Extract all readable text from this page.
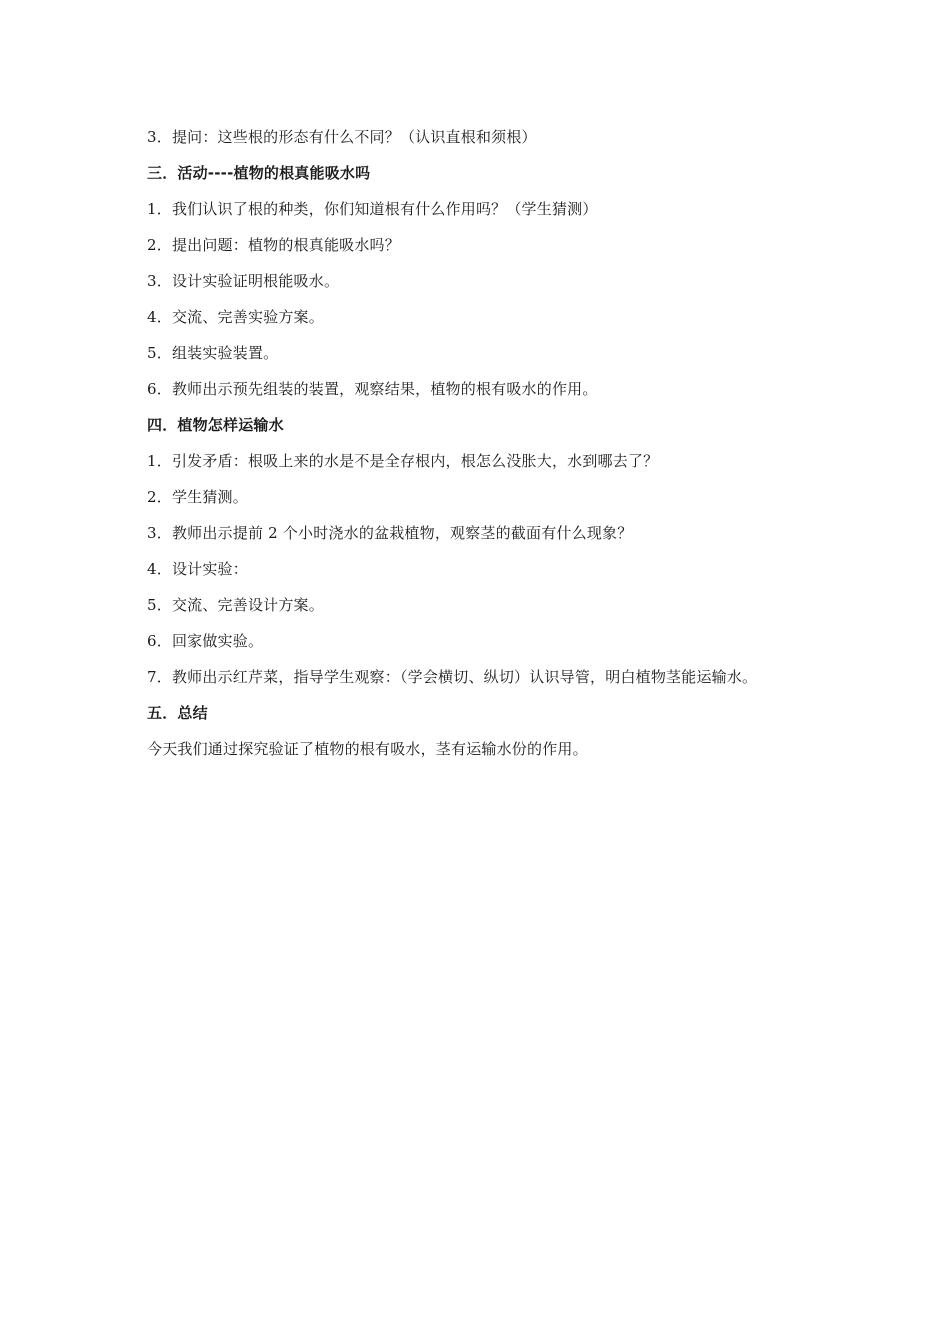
3．提问：这些根的形态有什么不同？（认识直根和须根）
三．活动----植物的根真能吸水吗
1．我们认识了根的种类，你们知道根有什么作用吗？（学生猜测）
2．提出问题：植物的根真能吸水吗？
3．设计实验证明根能吸水。
4．交流、完善实验方案。
5．组装实验装置。
6．教师出示预先组装的装置，观察结果，植物的根有吸水的作用。
四．植物怎样运输水
1．引发矛盾：根吸上来的水是不是全存根内，根怎么没胀大，水到哪去了？
2．学生猜测。
3．教师出示提前 2 个小时浇水的盆栽植物，观察茎的截面有什么现象？
4．设计实验：
5．交流、完善设计方案。
6．回家做实验。
7．教师出示红芹菜，指导学生观察：（学会横切、纵切）认识导管，明白植物茎能运输水。
五．总结
今天我们通过探究验证了植物的根有吸水，茎有运输水份的作用。
